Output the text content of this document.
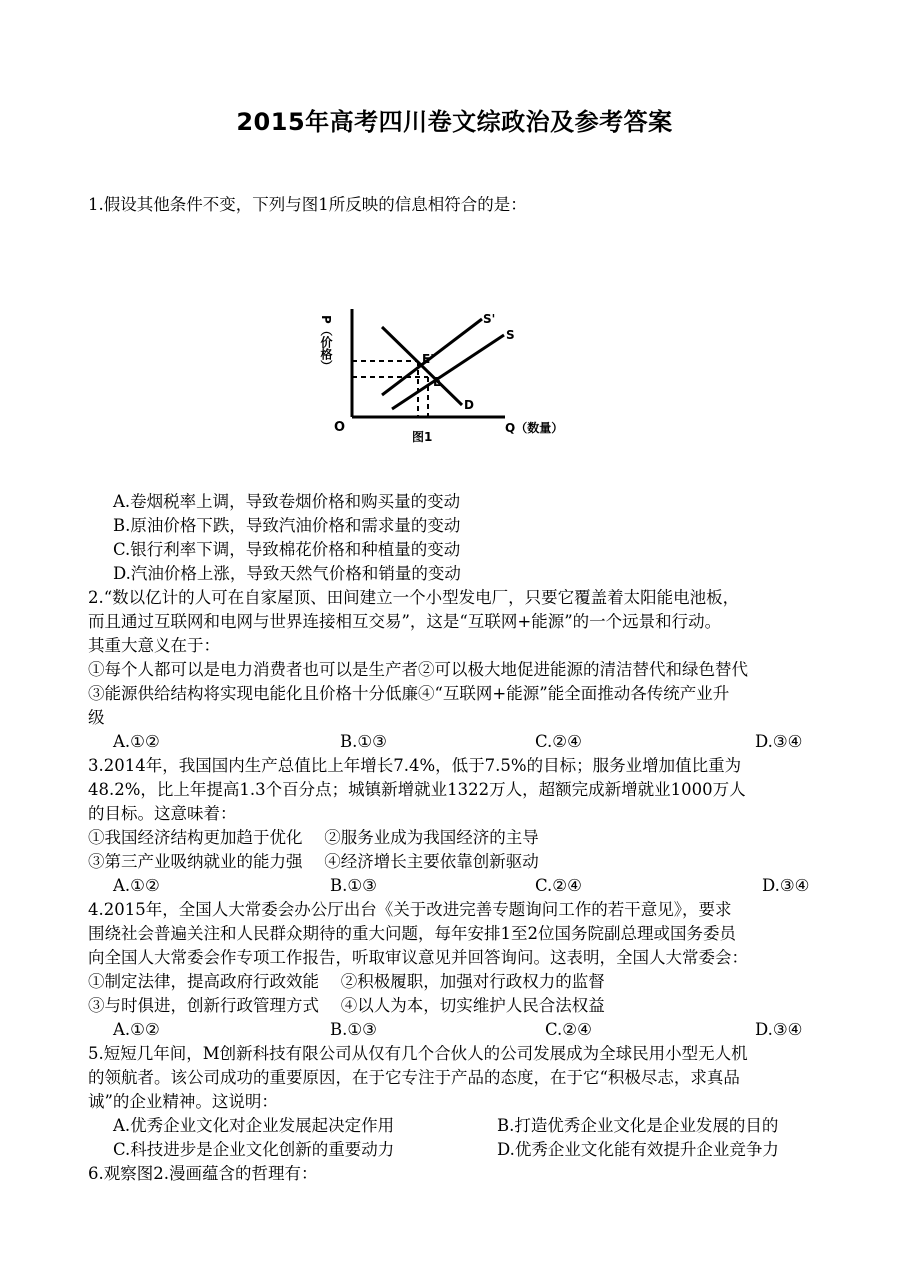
2015年高考四川卷文综政治及参考答案
1.假设其他条件不变，下列与图1所反映的信息相符合的是：
P（价格）
O
S'
S
D
E'
E
Q（数量）
图1
A.卷烟税率上调，导致卷烟价格和购买量的变动
B.原油价格下跌，导致汽油价格和需求量的变动
C.银行利率下调，导致棉花价格和种植量的变动
D.汽油价格上涨，导致天然气价格和销量的变动
2.“数以亿计的人可在自家屋顶、田间建立一个小型发电厂，只要它覆盖着太阳能电池板，
而且通过互联网和电网与世界连接相互交易”，这是“互联网+能源”的一个远景和行动。
其重大意义在于：
①每个人都可以是电力消费者也可以是生产者②可以极大地促进能源的清洁替代和绿色替代
③能源供给结构将实现电能化且价格十分低廉④“互联网+能源”能全面推动各传统产业升
级
A.①②	B.①③	C.②④	D.③④
3.2014年，我国国内生产总值比上年增长7.4%，低于7.5%的目标；服务业增加值比重为
48.2%，比上年提高1.3个百分点；城镇新增就业1322万人，超额完成新增就业1000万人
的目标。这意味着：
①我国经济结构更加趋于优化　 ②服务业成为我国经济的主导
③第三产业吸纳就业的能力强　 ④经济增长主要依靠创新驱动
A.①②	B.①③	C.②④	D.③④
4.2015年，全国人大常委会办公厅出台《关于改进完善专题询问工作的若干意见》，要求
围绕社会普遍关注和人民群众期待的重大问题，每年安排1至2位国务院副总理或国务委员
向全国人大常委会作专项工作报告，听取审议意见并回答询问。这表明，全国人大常委会：
①制定法律，提高政府行政效能　 ②积极履职，加强对行政权力的监督
③与时俱进，创新行政管理方式　 ④以人为本，切实维护人民合法权益
A.①②	B.①③	C.②④	D.③④
5.短短几年间，M创新科技有限公司从仅有几个合伙人的公司发展成为全球民用小型无人机
的领航者。该公司成功的重要原因，在于它专注于产品的态度，在于它“积极尽志，求真品
诚”的企业精神。这说明：
A.优秀企业文化对企业发展起决定作用	B.打造优秀企业文化是企业发展的目的
C.科技进步是企业文化创新的重要动力	D.优秀企业文化能有效提升企业竞争力
6.观察图2.漫画蕴含的哲理有：
